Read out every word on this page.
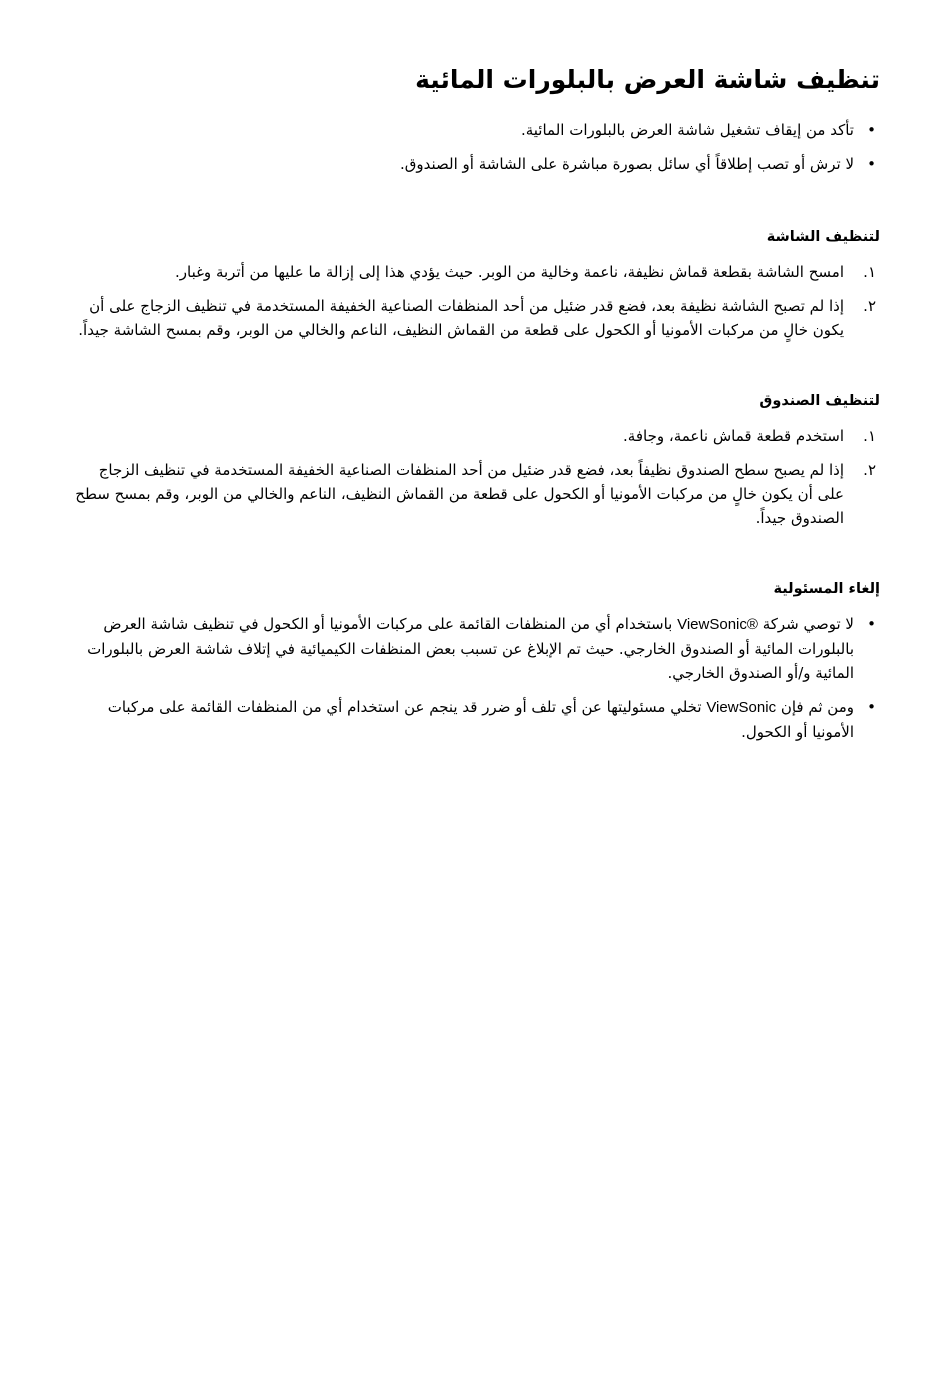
تنظيف شاشة العرض بالبلورات المائية
•
تأكد من إيقاف تشغيل شاشة العرض بالبلورات المائية.
•
لا ترش أو تصب إطلاقاً أي سائل بصورة مباشرة على الشاشة أو الصندوق.
لتنظيف الشاشة
١.
امسح الشاشة بقطعة قماش نظيفة، ناعمة وخالية من الوبر. حيث يؤدي هذا إلى إزالة ما عليها من أتربة وغبار.
٢.
إذا لم تصبح الشاشة نظيفة بعد، فضع قدر ضئيل من أحد المنظفات الصناعية الخفيفة المستخدمة في تنظيف الزجاج على أن يكون خالٍ من مركبات الأمونيا أو الكحول على قطعة من القماش النظيف، الناعم والخالي من الوبر، وقم بمسح الشاشة جيداً.
لتنظيف الصندوق
١.
استخدم قطعة قماش ناعمة، وجافة.
٢.
إذا لم يصبح سطح الصندوق نظيفاً بعد، فضع قدر ضئيل من أحد المنظفات الصناعية الخفيفة المستخدمة في تنظيف الزجاج على أن يكون خالٍ من مركبات الأمونيا أو الكحول على قطعة من القماش النظيف، الناعم والخالي من الوبر، وقم بمسح سطح الصندوق جيداً.
إلغاء المسئولية
•
لا توصي شركة ViewSonic® باستخدام أي من المنظفات القائمة على مركبات الأمونيا أو الكحول في تنظيف شاشة العرض بالبلورات المائية أو الصندوق الخارجي. حيث تم الإبلاغ عن تسبب بعض المنظفات الكيميائية في إتلاف شاشة العرض بالبلورات المائية و/أو الصندوق الخارجي.
•
ومن ثم فإن ViewSonic تخلي مسئوليتها عن أي تلف أو ضرر قد ينجم عن استخدام أي من المنظفات القائمة على مركبات الأمونيا أو الكحول.
